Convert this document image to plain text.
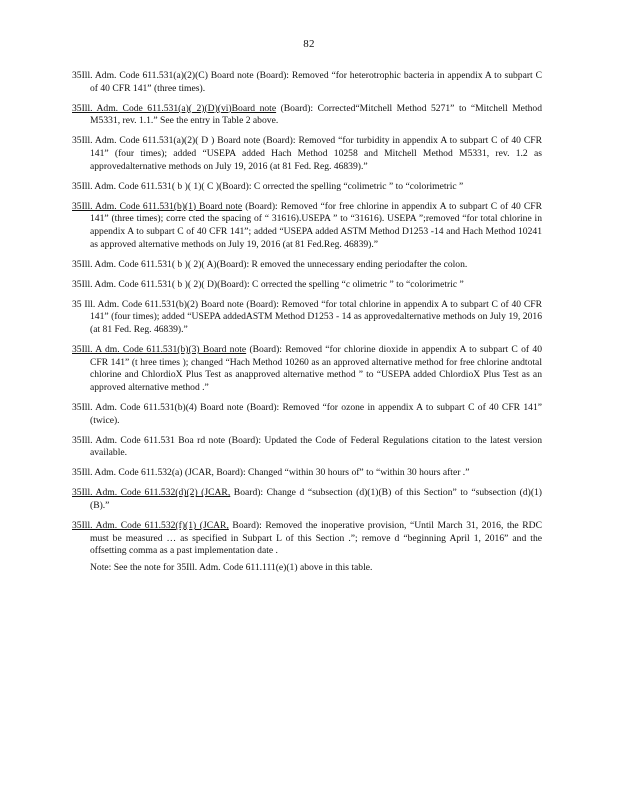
82
35Ill. Adm. Code 611.531(a)(2)(C) Board note (Board): Removed “for heterotrophic bacteria in appendix A to subpart C of 40 CFR 141” (three times).
35Ill. Adm. Code 611.531(a)( 2)(D)(vi)Board note (Board): Corrected“Mitchell Method 5271” to “Mitchell Method M5331, rev. 1.1.” See the entry in Table 2 above.
35Ill. Adm. Code 611.531(a)(2)( D ) Board note (Board): Removed “for turbidity in appendix A to subpart C of 40 CFR 141” (four times); added “USEPA added Hach Method 10258 and Mitchell Method M5331, rev. 1.2 as approvedalternative methods on July 19, 2016 (at 81 Fed. Reg. 46839).”
35Ill. Adm. Code 611.531( b )( 1)( C )(Board): C orrected the spelling “colimetric ” to “colorimetric ”
35Ill. Adm. Code 611.531(b)(1) Board note (Board): Removed “for free chlorine in appendix A to subpart C of 40 CFR 141” (three times); corre cted the spacing of “ 31616).USEPA ” to “31616). USEPA ”;removed “for total chlorine in appendix A to subpart C of 40 CFR 141”; added “USEPA added ASTM Method D1253 -14 and Hach Method 10241 as approved alternative methods on July 19, 2016 (at 81 Fed.Reg. 46839).”
35Ill. Adm. Code 611.531( b )( 2)( A)(Board): R emoved the unnecessary ending periodafter the colon.
35Ill. Adm. Code 611.531( b )( 2)( D)(Board): C orrected the spelling “c olimetric ” to “colorimetric ”
35 Ill. Adm. Code 611.531(b)(2) Board note (Board): Removed “for total chlorine in appendix A to subpart C of 40 CFR 141” (four times); added “USEPA addedASTM Method D1253 - 14 as approvedalternative methods on July 19, 2016 (at 81 Fed. Reg. 46839).”
35Ill. A dm. Code 611.531(b)(3) Board note (Board): Removed “for chlorine dioxide in appendix A to subpart C of 40 CFR 141” (t hree times ); changed “Hach Method 10260 as an approved alternative method for free chlorine andtotal chlorine and ChlordioX Plus Test as anapproved alternative method ” to “USEPA added ChlordioX Plus Test as an approved alternative method .”
35Ill. Adm. Code 611.531(b)(4) Board note (Board): Removed “for ozone in appendix A to subpart C of 40 CFR 141” (twice).
35Ill. Adm. Code 611.531 Boa rd note (Board): Updated the Code of Federal Regulations citation to the latest version available.
35Ill. Adm. Code 611.532(a) (JCAR, Board): Changed “within 30 hours of” to “within 30 hours after .”
35Ill. Adm. Code 611.532(d)(2) (JCAR, Board): Change d “subsection (d)(1)(B) of this Section” to “subsection (d)(1)(B).”
35Ill. Adm. Code 611.532(f)(1) (JCAR, Board): Removed the inoperative provision, “Until March 31, 2016, the RDC must be measured … as specified in Subpart L of this Section .”; remove d “beginning April 1, 2016” and the offsetting comma as a past implementation date .
Note: See the note for 35Ill. Adm. Code 611.111(e)(1) above in this table.
